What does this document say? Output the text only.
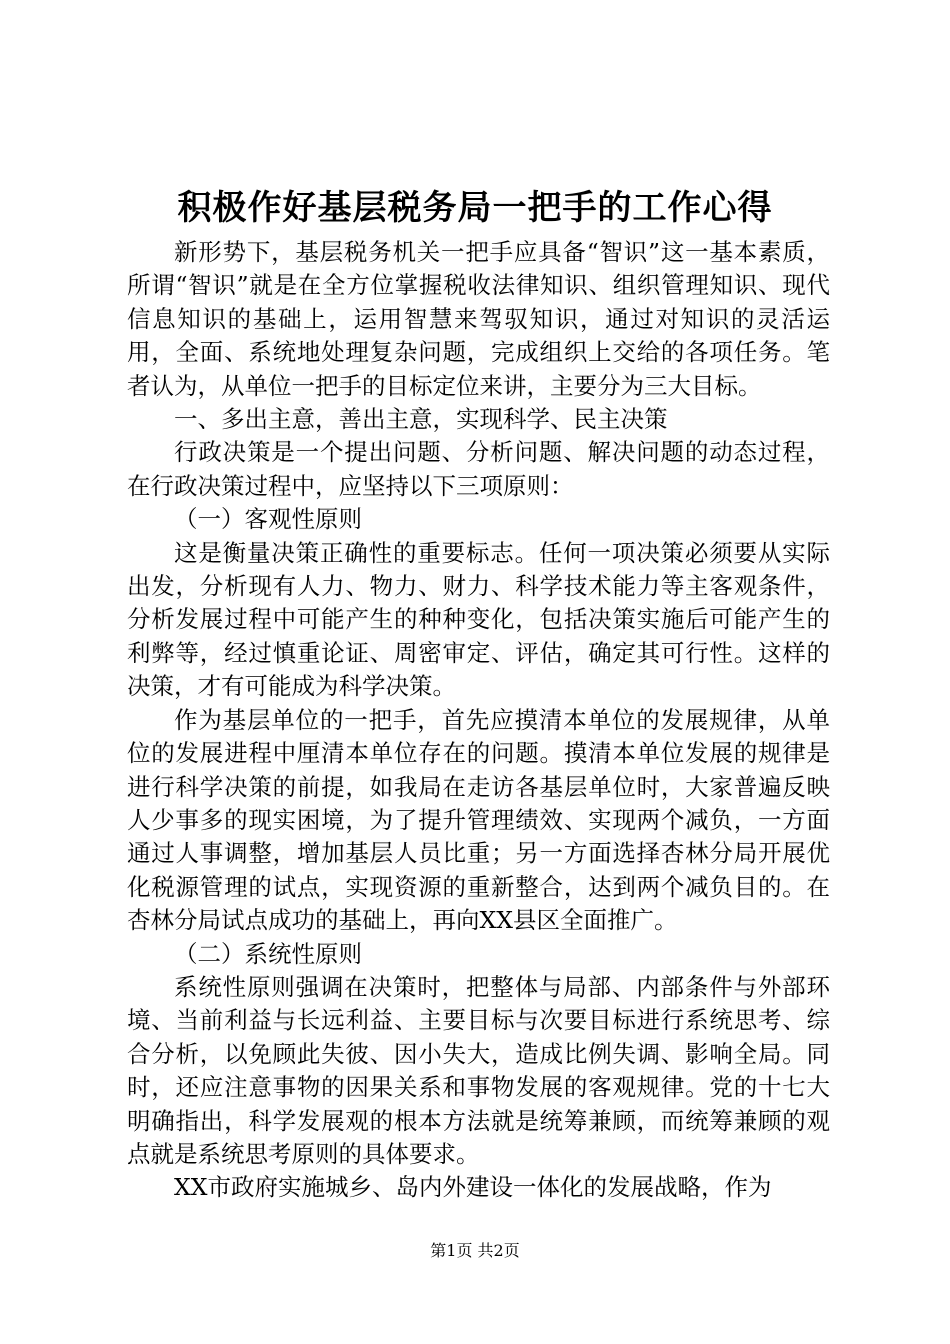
积极作好基层税务局一把手的工作心得

新形势下，基层税务机关一把手应具备“智识”这一基本素质，所谓“智识”就是在全方位掌握税收法律知识、组织管理知识、现代信息知识的基础上，运用智慧来驾驭知识，通过对知识的灵活运用，全面、系统地处理复杂问题，完成组织上交给的各项任务。笔者认为，从单位一把手的目标定位来讲，主要分为三大目标。

一、多出主意，善出主意，实现科学、民主决策

行政决策是一个提出问题、分析问题、解决问题的动态过程，在行政决策过程中，应坚持以下三项原则：

（一）客观性原则

这是衡量决策正确性的重要标志。任何一项决策必须要从实际出发，分析现有人力、物力、财力、科学技术能力等主客观条件，分析发展过程中可能产生的种种变化，包括决策实施后可能产生的利弊等，经过慎重论证、周密审定、评估，确定其可行性。这样的决策，才有可能成为科学决策。

作为基层单位的一把手，首先应摸清本单位的发展规律，从单位的发展进程中厘清本单位存在的问题。摸清本单位发展的规律是进行科学决策的前提，如我局在走访各基层单位时，大家普遍反映人少事多的现实困境，为了提升管理绩效、实现两个减负，一方面通过人事调整，增加基层人员比重；另一方面选择杏林分局开展优化税源管理的试点，实现资源的重新整合，达到两个减负目的。在杏林分局试点成功的基础上，再向XX县区全面推广。

（二）系统性原则

系统性原则强调在决策时，把整体与局部、内部条件与外部环境、当前利益与长远利益、主要目标与次要目标进行系统思考、综合分析，以免顾此失彼、因小失大，造成比例失调、影响全局。同时，还应注意事物的因果关系和事物发展的客观规律。党的十七大明确指出，科学发展观的根本方法就是统筹兼顾，而统筹兼顾的观点就是系统思考原则的具体要求。

XX市政府实施城乡、岛内外建设一体化的发展战略，作为

第1页 共2页
